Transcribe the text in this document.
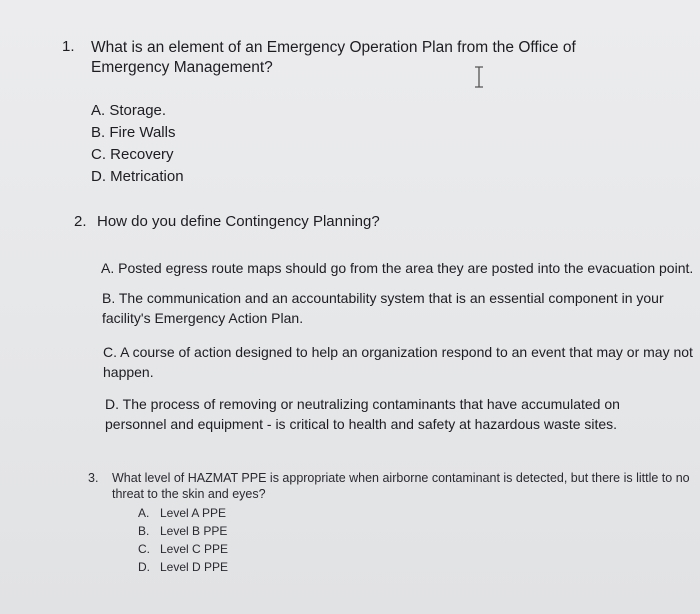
1. What is an element of an Emergency Operation Plan from the Office of Emergency Management?

A. Storage.
B. Fire Walls
C. Recovery
D. Metrication
2. How do you define Contingency Planning?

A. Posted egress route maps should go from the area they are posted into the evacuation point.

B. The communication and an accountability system that is an essential component in your facility's Emergency Action Plan.

C. A course of action designed to help an organization respond to an event that may or may not happen.

D. The process of removing or neutralizing contaminants that have accumulated on personnel and equipment - is critical to health and safety at hazardous waste sites.

3. What level of HAZMAT PPE is appropriate when airborne contaminant is detected, but there is little to no threat to the skin and eyes?

A. Level A PPE
B. Level B PPE
C. Level C PPE
D. Level D PPE
